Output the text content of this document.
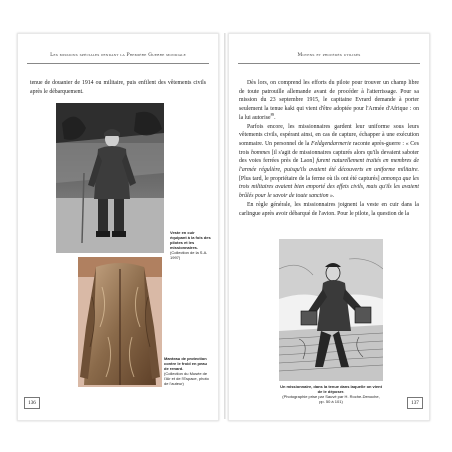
Les missions spéciales pendant la Première Guerre mondiale

tenue de douanier de 1914 ou militaire, puis enfilent des vêtements civils après le débarquement.

Veste en cuir équipant à la fois des pilotes et les missionnaires.
(Collection de la S.A. 1997)
Manteau de protection contre le froid en peau de renard.
(Collection du Musée de l'Air et de l'Espace, photo de l'auteur)
136
Moyens et procédés utilisés

Dès lors, on comprend les efforts du pilote pour trouver un champ libre de toute patrouille allemande avant de procéder à l'atterrissage. Pour sa mission du 23 septembre 1915, le capitaine Evrard demande à porter seulement la tenue kaki qui vient d'être adoptée pour l'Armée d'Afrique : on la lui autorise$^{89}$.

Parfois encore, les missionnaires gardent leur uniforme sous leurs vêtements civils, espérant ainsi, en cas de capture, échapper à une exécution sommaire. Un personnel de la Feldgendarmerie raconte après-guerre : « Ces trois hommes [il s'agit de missionnaires capturés alors qu'ils devaient saboter des voies ferrées près de Laon] furent naturellement traités en membres de l'armée régulière, puisqu'ils avaient été découverts en uniforme militaire. [Plus tard, le propriétaire de la ferme où ils ont été capturés] annonça que les trois militaires avaient bien emporté des effets civils, mais qu'ils les avaient brûlés pour le savoir de toute sanction ».

En règle générale, les missionnaires joignent la veste en cuir dans la carlingue après avoir débarqué de l'avion. Pour le pilote, la question de la

Un missionnaire, dans la tenue dans laquelle on vient de le déposer.
(Photographie prise par Sauvé par H. Roche-Denoche, pp. 50 à 101)	137
